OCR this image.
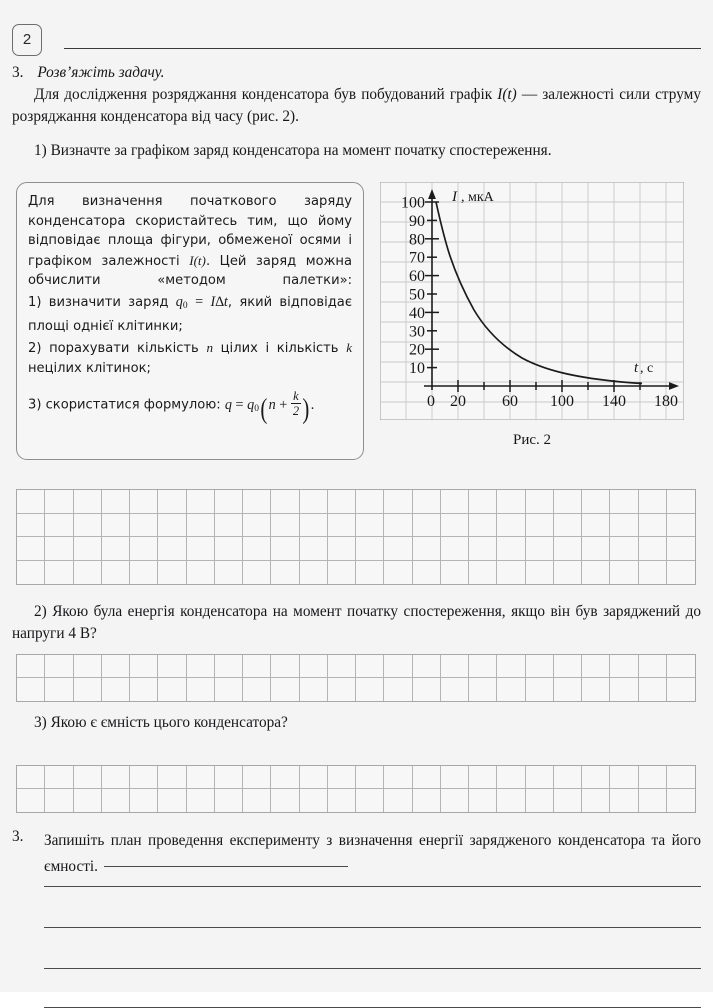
2
3. Розв’яжіть задачу.
Для дослідження розряджання конденсатора був побудований графік I(t) — залежності сили струму розряджання конденсатора від часу (рис. 2).
1) Визначте за графіком заряд конденсатора на момент початку спостереження.

Для визначення початкового заряду конденсатора скористайтесь тим, що йому відповідає площа фігури, обмеженої осями і графіком залежності I(t). Цей заряд можна обчислити «методом палетки»:

1) визначити заряд $q_0 = I\Delta t$, який відповідає площі однієї клітинки;

2) порахувати кількість n цілих і кількість k нецілих клітинок;

3) скористатися формулою: $q = q_0(n + \frac{k}{2}$ ).

I , мкА
t , с
100
90
80
70
60
50
40
30
20
10
0 20 60 100 140 180
Рис. 2
2) Якою була енергія конденсатора на момент початку спостереження, якщо він був заряджений до напруги 4 В?
3) Якою є ємність цього конденсатора?
3. Запишіть план проведення експерименту з визначення енергії зарядженого конденсатора та його ємності.
